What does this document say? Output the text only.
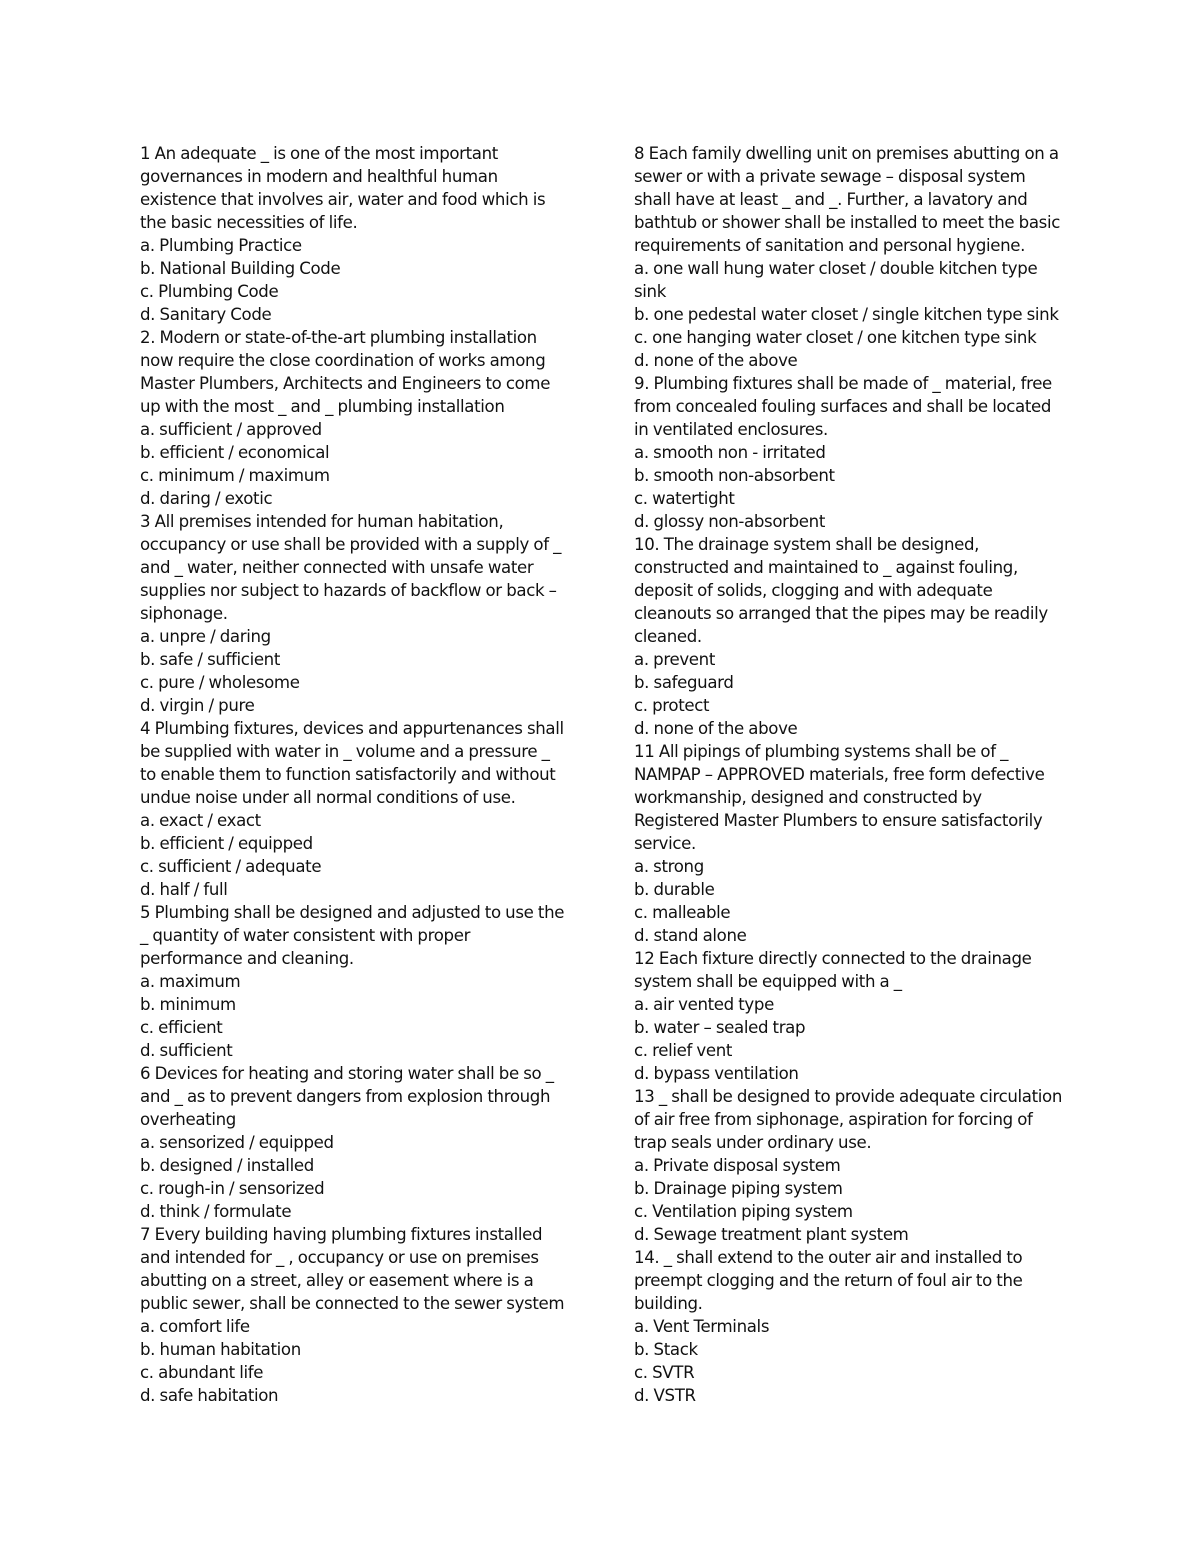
1 An adequate _ is one of the most important
governances in modern and healthful human
existence that involves air, water and food which is
the basic necessities of life.
a. Plumbing Practice
b. National Building Code
c. Plumbing Code
d. Sanitary Code
2. Modern or state-of-the-art plumbing installation
now require the close coordination of works among
Master Plumbers, Architects and Engineers to come
up with the most _ and _ plumbing installation
a. sufficient / approved
b. efficient / economical
c. minimum / maximum
d. daring / exotic
3 All premises intended for human habitation,
occupancy or use shall be provided with a supply of _
and _ water, neither connected with unsafe water
supplies nor subject to hazards of backflow or back –
siphonage.
a. unpre / daring
b. safe / sufficient
c. pure / wholesome
d. virgin / pure
4 Plumbing fixtures, devices and appurtenances shall
be supplied with water in _ volume and a pressure _
to enable them to function satisfactorily and without
undue noise under all normal conditions of use.
a. exact / exact
b. efficient / equipped
c. sufficient / adequate
d. half / full
5 Plumbing shall be designed and adjusted to use the
_ quantity of water consistent with proper
performance and cleaning.
a. maximum
b. minimum
c. efficient
d. sufficient
6 Devices for heating and storing water shall be so _
and _ as to prevent dangers from explosion through
overheating
a. sensorized / equipped
b. designed / installed
c. rough-in / sensorized
d. think / formulate
7 Every building having plumbing fixtures installed
and intended for _ , occupancy or use on premises
abutting on a street, alley or easement where is a
public sewer, shall be connected to the sewer system
a. comfort life
b. human habitation
c. abundant life
d. safe habitation
8 Each family dwelling unit on premises abutting on a
sewer or with a private sewage – disposal system
shall have at least _ and _. Further, a lavatory and
bathtub or shower shall be installed to meet the basic
requirements of sanitation and personal hygiene.
a. one wall hung water closet / double kitchen type
sink
b. one pedestal water closet / single kitchen type sink
c. one hanging water closet / one kitchen type sink
d. none of the above
9. Plumbing fixtures shall be made of _ material, free
from concealed fouling surfaces and shall be located
in ventilated enclosures.
a. smooth non - irritated
b. smooth non-absorbent
c. watertight
d. glossy non-absorbent
10. The drainage system shall be designed,
constructed and maintained to _ against fouling,
deposit of solids, clogging and with adequate
cleanouts so arranged that the pipes may be readily
cleaned.
a. prevent
b. safeguard
c. protect
d. none of the above
11 All pipings of plumbing systems shall be of _
NAMPAP – APPROVED materials, free form defective
workmanship, designed and constructed by
Registered Master Plumbers to ensure satisfactorily
service.
a. strong
b. durable
c. malleable
d. stand alone
12 Each fixture directly connected to the drainage
system shall be equipped with a _
a. air vented type
b. water – sealed trap
c. relief vent
d. bypass ventilation
13 _ shall be designed to provide adequate circulation
of air free from siphonage, aspiration for forcing of
trap seals under ordinary use.
a. Private disposal system
b. Drainage piping system
c. Ventilation piping system
d. Sewage treatment plant system
14. _ shall extend to the outer air and installed to
preempt clogging and the return of foul air to the
building.
a. Vent Terminals
b. Stack
c. SVTR
d. VSTR
